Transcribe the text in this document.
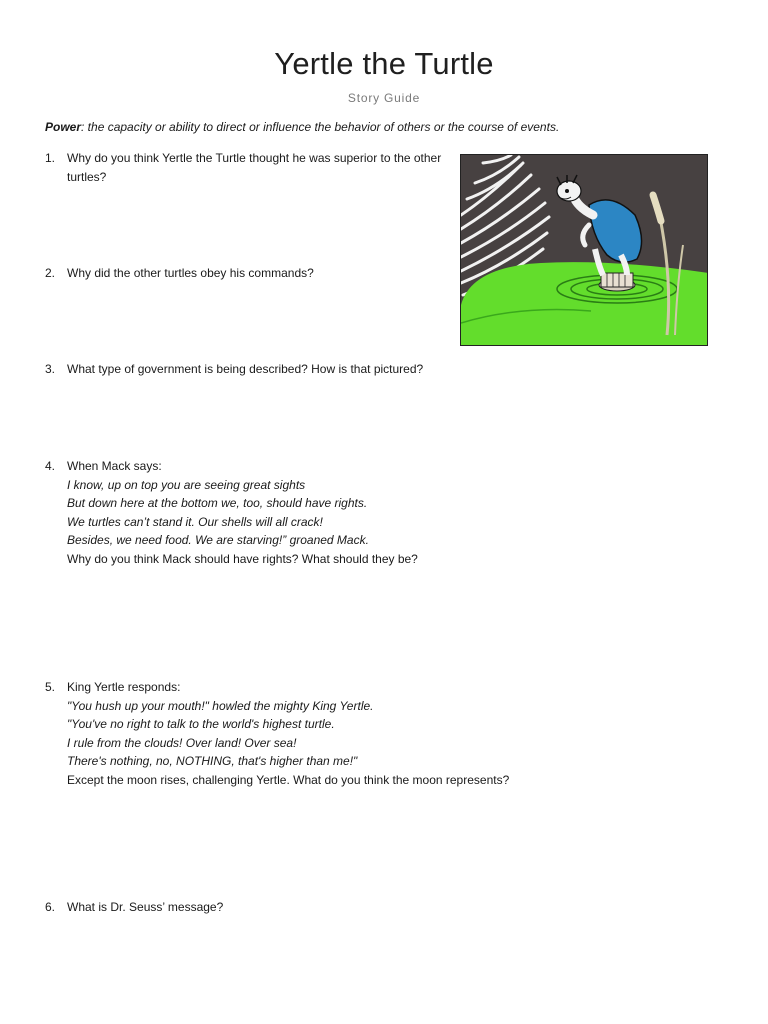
Yertle the Turtle
Story Guide
Power: the capacity or ability to direct or influence the behavior of others or the course of events.
1. Why do you think Yertle the Turtle thought he was superior to the other turtles?
2. Why did the other turtles obey his commands?
3. What type of government is being described? How is that pictured?
4. When Mack says:
I know, up on top you are seeing great sights
But down here at the bottom we, too, should have rights.
We turtles can’t stand it. Our shells will all crack!
Besides, we need food. We are starving!” groaned Mack.
Why do you think Mack should have rights? What should they be?
5. King Yertle responds:
"You hush up your mouth!" howled the mighty King Yertle.
"You've no right to talk to the world's highest turtle.
I rule from the clouds! Over land! Over sea!
There's nothing, no, NOTHING, that's higher than me!"
Except the moon rises, challenging Yertle. What do you think the moon represents?
6. What is Dr. Seuss’ message?
